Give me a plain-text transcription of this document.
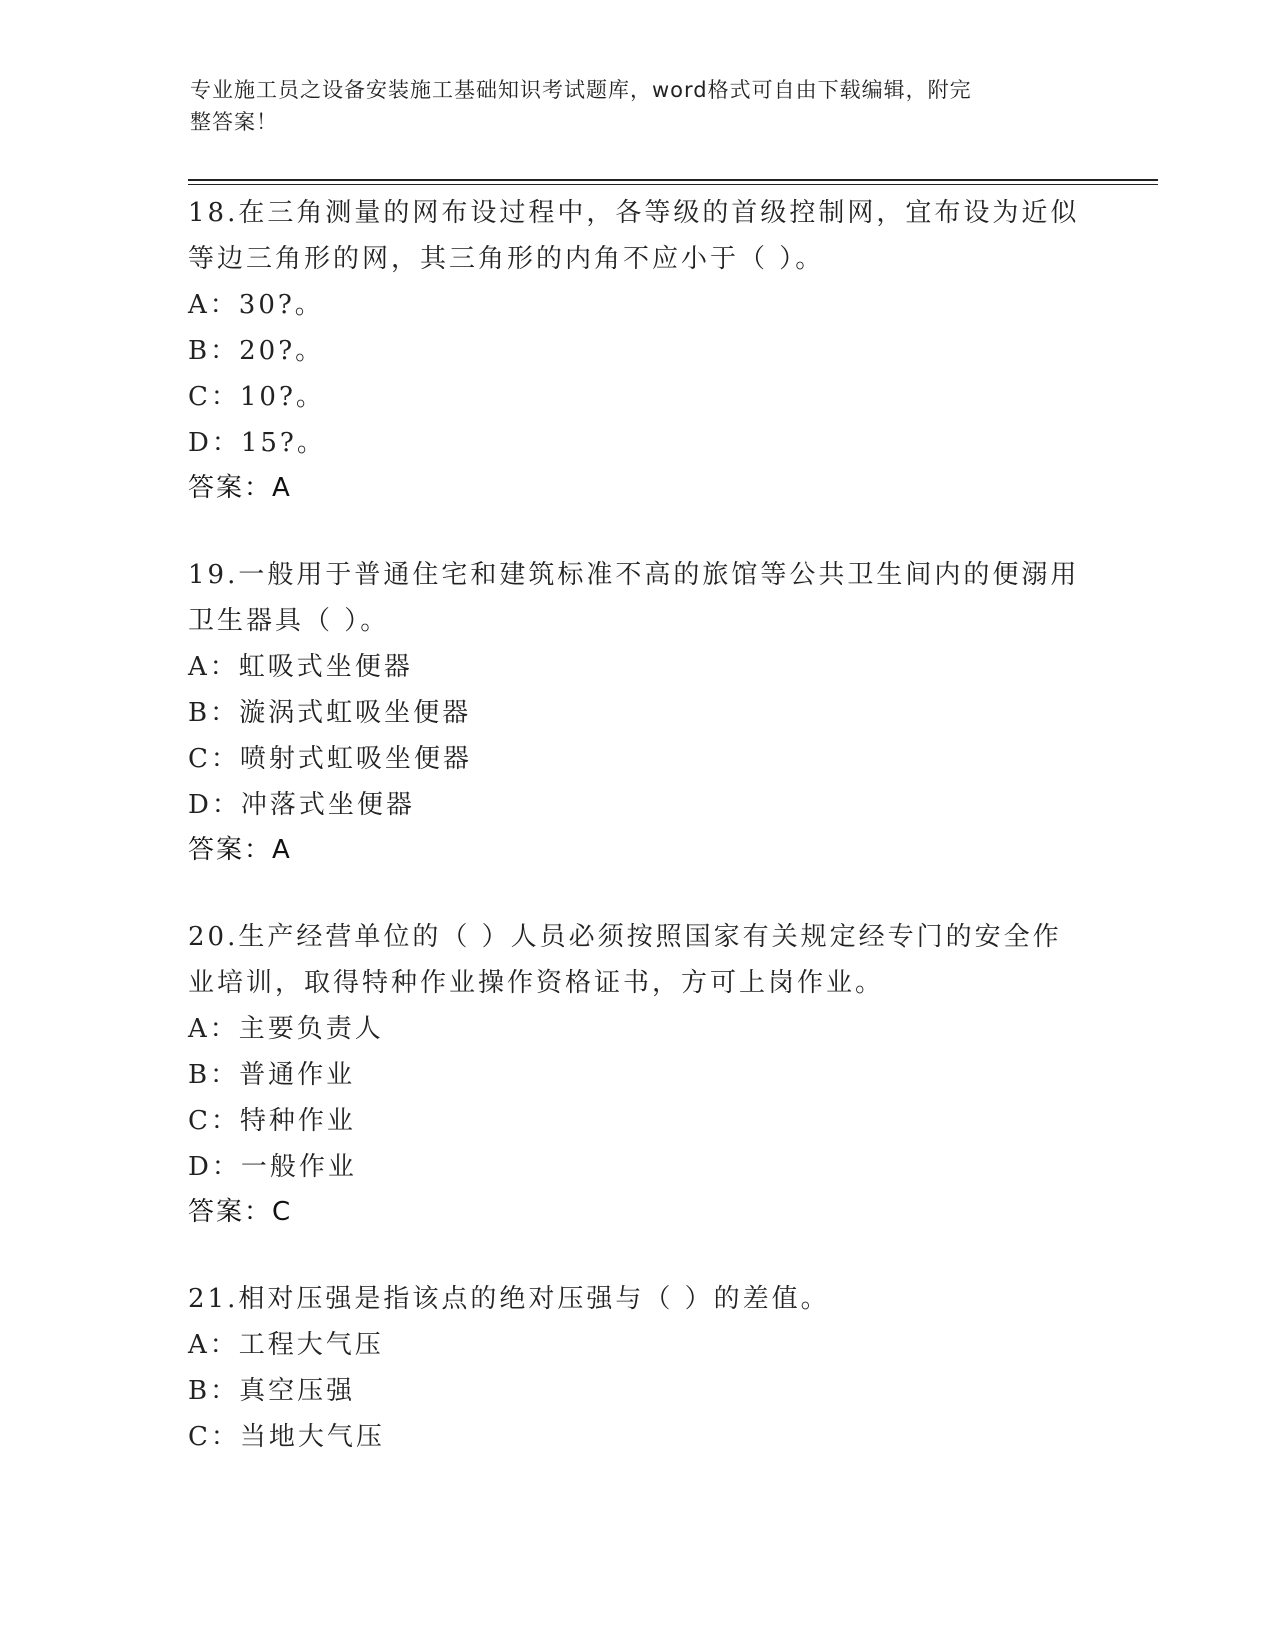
专业施工员之设备安装施工基础知识考试题库，word格式可自由下载编辑，附完
整答案！
18.在三角测量的网布设过程中，各等级的首级控制网，宜布设为近似
等边三角形的网，其三角形的内角不应小于（ ）。
A：30?。
B：20?。
C：10?。
D：15?。
答案：A
19.一般用于普通住宅和建筑标准不高的旅馆等公共卫生间内的便溺用
卫生器具（ ）。
A：虹吸式坐便器
B：漩涡式虹吸坐便器
C：喷射式虹吸坐便器
D：冲落式坐便器
答案：A
20.生产经营单位的（ ）人员必须按照国家有关规定经专门的安全作
业培训，取得特种作业操作资格证书，方可上岗作业。
A：主要负责人
B：普通作业
C：特种作业
D：一般作业
答案：C
21.相对压强是指该点的绝对压强与（ ）的差值。
A：工程大气压
B：真空压强
C：当地大气压
